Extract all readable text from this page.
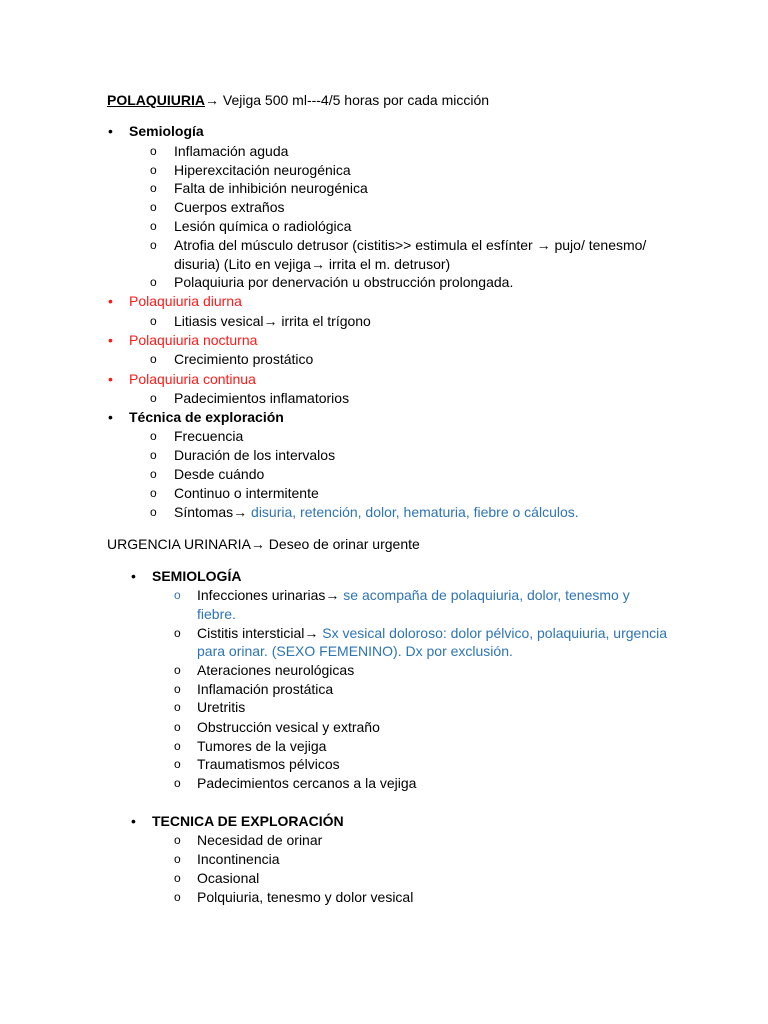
POLAQUIURIA→ Vejiga 500 ml---4/5 horas por cada micción
• Semiología
o Inflamación aguda
o Hiperexcitación neurogénica
o Falta de inhibición neurogénica
o Cuerpos extraños
o Lesión química o radiológica
o Atrofia del músculo detrusor (cistitis>> estimula el esfínter → pujo/ tenesmo/
disuria) (Lito en vejiga→ irrita el m. detrusor)
o Polaquiuria por denervación u obstrucción prolongada.
• Polaquiuria diurna
o Litiasis vesical→ irrita el trígono
• Polaquiuria nocturna
o Crecimiento prostático
• Polaquiuria continua
o Padecimientos inflamatorios
• Técnica de exploración
o Frecuencia
o Duración de los intervalos
o Desde cuándo
o Continuo o intermitente
o Síntomas→ disuria, retención, dolor, hematuria, fiebre o cálculos.
URGENCIA URINARIA→ Deseo de orinar urgente
• SEMIOLOGÍA
o Infecciones urinarias→ se acompaña de polaquiuria, dolor, tenesmo y
fiebre.
o Cistitis intersticial→ Sx vesical doloroso: dolor pélvico, polaquiuria, urgencia
para orinar. (SEXO FEMENINO). Dx por exclusión.
o Ateraciones neurológicas
o Inflamación prostática
o Uretritis
o Obstrucción vesical y extraño
o Tumores de la vejiga
o Traumatismos pélvicos
o Padecimientos cercanos a la vejiga
• TECNICA DE EXPLORACIÓN
o Necesidad de orinar
o Incontinencia
o Ocasional
o Polquiuria, tenesmo y dolor vesical
